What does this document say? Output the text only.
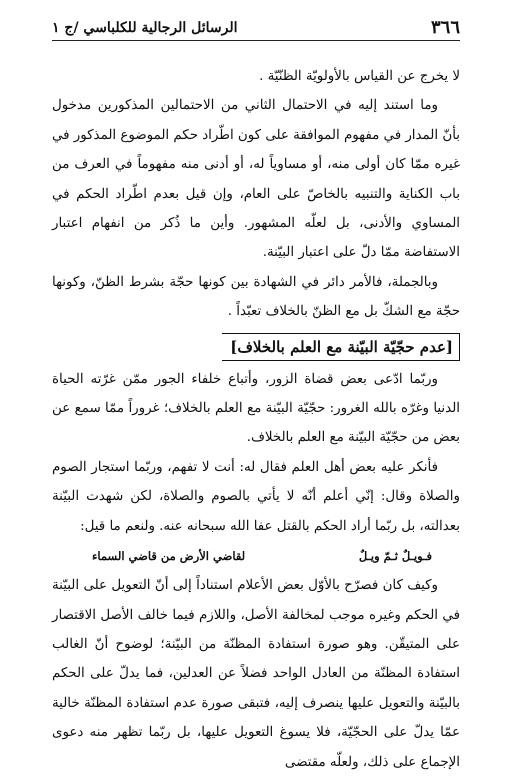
٣٦٦
الرسائل الرجالية للكلباسي /ج ١

لا يخرج عن القياس بالأولويّة الظنّيّة .

وما استند إليه في الاحتمال الثاني من الاحتمالين المذكورين مدخول بأنّ المدار في مفهوم الموافقة على كون اطّراد حكم الموضوع المذكور في غيره ممّا كان أولى منه، أو مساوياً له، أو أدنى منه مفهوماً في العرف من باب الكناية والتنبيه بالخاصّ على العام، وإن قيل بعدم اطّراد الحكم في المساوي والأدنى، بل لعلّه المشهور. وأين ما ذُكر من انفهام اعتبار الاستفاضة ممّا دلّ على اعتبار البيّنة.

وبالجملة، فالأمر دائر في الشهادة بين كونها حجّة بشرط الظنّ، وكونها حجّة مع الشكّ بل مع الظنّ بالخلاف تعبّداً .

[عدم حجّيّة البيّنة مع العلم بالخلاف]

وربّما ادّعى بعض قضاة الزور، وأتباع خلفاء الجور ممّن غرّته الحياة الدنيا وغرّه بالله الغرور: حجّيّة البيّنة مع العلم بالخلاف؛ غروراً ممّا سمع عن بعض من حجّيّة البيّنة مع العلم بالخلاف.

فأنكر عليه بعض أهل العلم فقال له: أنت لا تفهم، وربّما استجار الصوم والصلاة وقال: إنّي أعلم أنّه لا يأتي بالصوم والصلاة، لكن شهدت البيّنة بعدالته، بل ربّما أراد الحكم بالقتل عفا الله سبحانه عنه. ولنعم ما قيل:

فـويـلٌ ثـمّ ويـلٌ
لقاضي الأرض من قاضي السماء

وكيف كان فصرّح بالأوّل بعض الأعلام استناداً إلى أنّ التعويل على البيّنة في الحكم وغيره موجب لمخالفة الأصل، واللازم فيما خالف الأصل الاقتصار على المتيقّن. وهو صورة استفادة المظنّة من البيّنة؛ لوضوح أنّ الغالب استفادة المظنّة من العادل الواحد فضلاً عن العدلين، فما يدلّ على الحكم بالبيّنة والتعويل عليها ينصرف إليه، فتبقى صورة عدم استفادة المظنّة خالية عمّا يدلّ على الحجّيّة، فلا يسوغ التعويل عليها، بل ربّما تظهر منه دعوى الإجماع على ذلك، ولعلّه مقتضى
